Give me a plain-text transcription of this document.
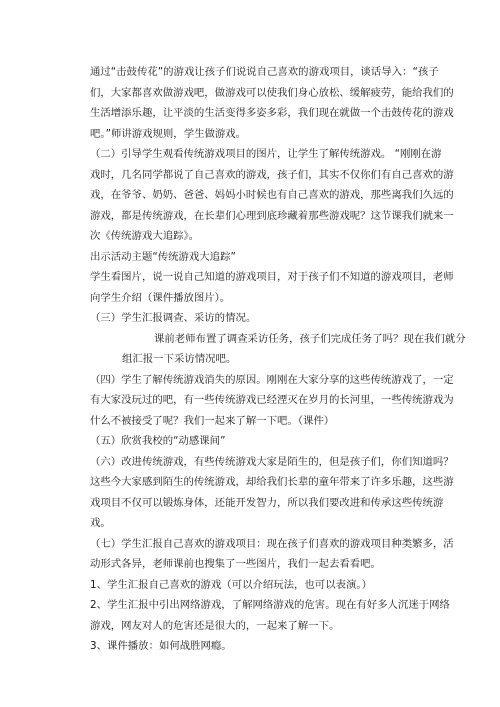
通过“击鼓传花”的游戏让孩子们说说自己喜欢的游戏项目，谈话导入：“孩子
们，大家都喜欢做游戏吧，做游戏可以使我们身心放松、缓解疲劳，能给我们的
生活增添乐趣，让平淡的生活变得多姿多彩，我们现在就做一个击鼓传花的游戏
吧。”师讲游戏规则，学生做游戏。
（二）引导学生观看传统游戏项目的图片，让学生了解传统游戏。 “刚刚在游
戏时，几名同学都说了自己喜欢的游戏，孩子们，其实不仅你们有自己喜欢的游
戏，在爷爷、奶奶、爸爸、妈妈小时候也有自己喜欢的游戏，那些离我们久远的
游戏，都是传统游戏，在长辈们心理到底珍藏着那些游戏呢？这节课我们就来一
次《传统游戏大追踪》。
出示活动主题“传统游戏大追踪”
学生看图片，说一说自己知道的游戏项目，对于孩子们不知道的游戏项目，老师
向学生介绍（课件播放图片）。
（三）学生汇报调查、采访的情况。
课前老师布置了调查采访任务，孩子们完成任务了吗？现在我们就分
组汇报一下采访情况吧。
（四）学生了解传统游戏消失的原因。刚刚在大家分享的这些传统游戏了，一定
有大家没玩过的吧，有一些传统游戏已经湮灭在岁月的长河里，一些传统游戏为
什么不被接受了呢？我们一起来了解一下吧。（课件）
（五）欣赏我校的“动感课间”
（六）改进传统游戏，有些传统游戏大家是陌生的，但是孩子们，你们知道吗？
这些今大家感到陌生的传统游戏，却给我们长辈的童年带来了许多乐趣，这些游
戏项目不仅可以锻炼身体，还能开发智力，所以我们要改进和传承这些传统游
戏。
（七）学生汇报自己喜欢的游戏项目：现在孩子们喜欢的游戏项目种类繁多，活
动形式各异，老师课前也搜集了一些图片，我们一起去看看吧。
1、学生汇报自己喜欢的游戏（可以介绍玩法，也可以表演。）
2、学生汇报中引出网络游戏，了解网络游戏的危害。现在有好多人沉迷于网络
游戏，网友对人的危害还是很大的，一起来了解一下。
3、课件播放：如何战胜网瘾。
